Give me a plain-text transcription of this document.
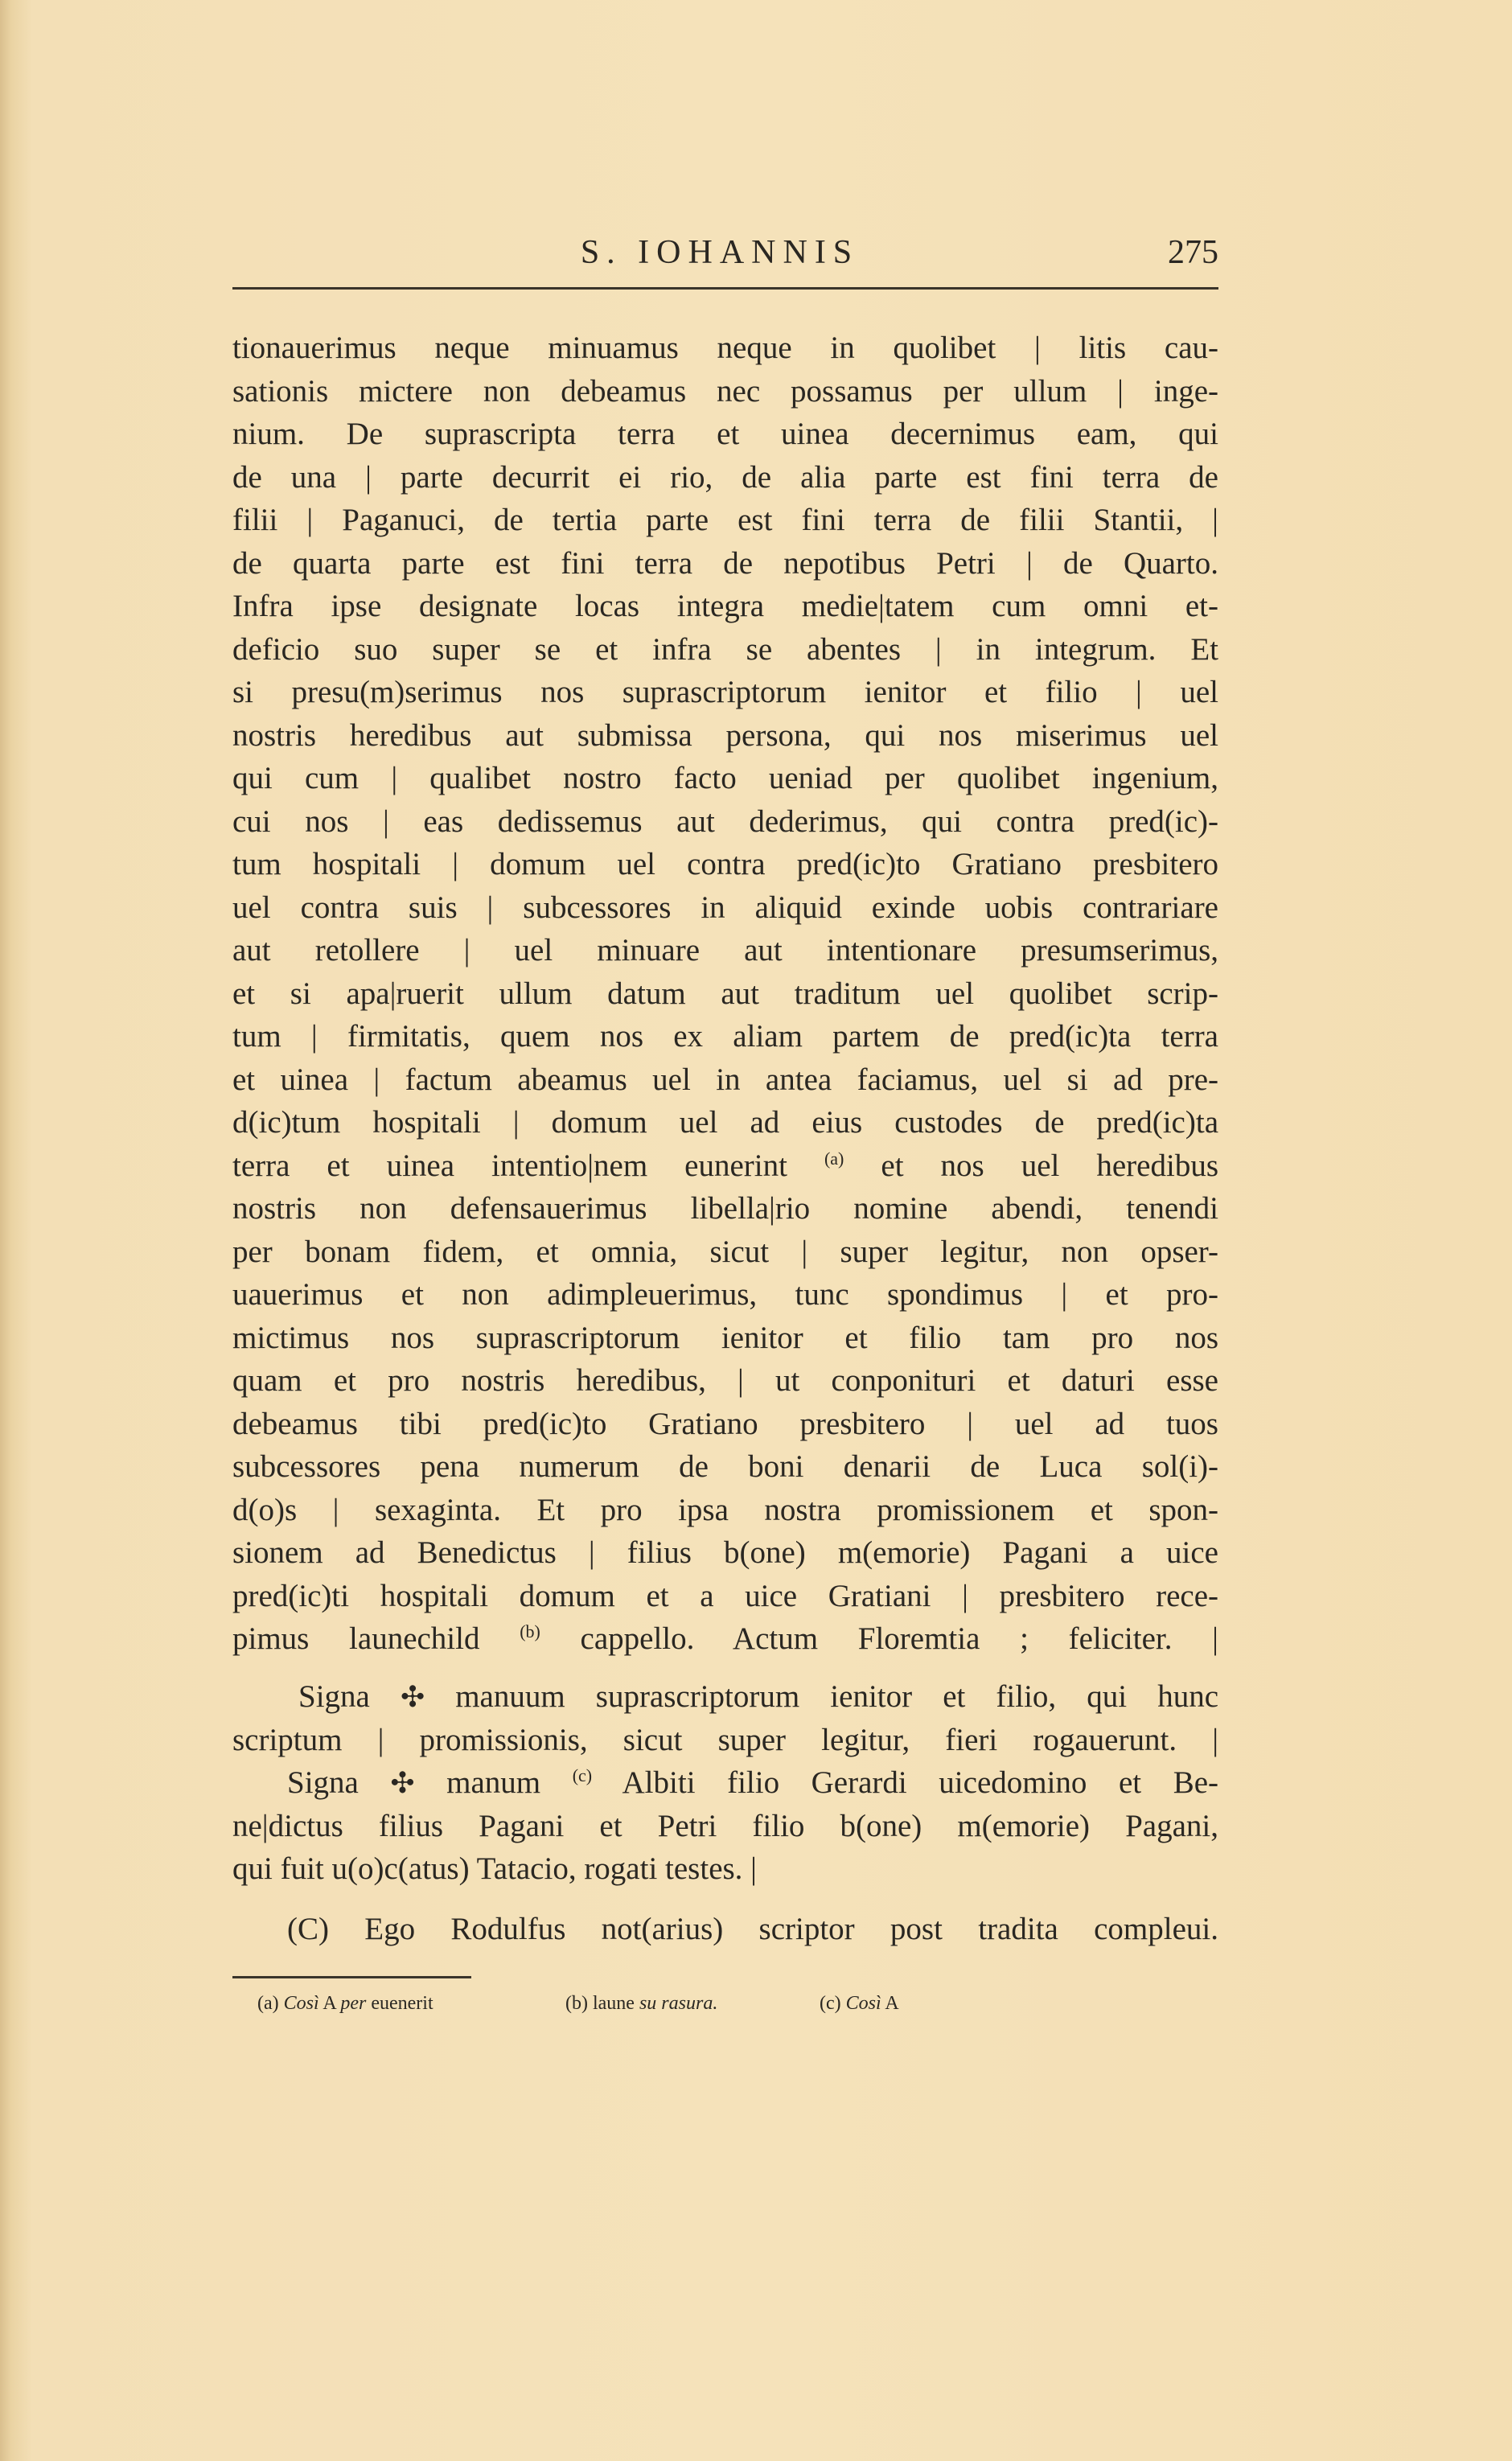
S. IOHANNIS	275
tionauerimus neque minuamus neque in quolibet | litis cau-
sationis mictere non debeamus nec possamus per ullum | inge-
nium. De suprascripta terra et uinea decernimus eam, qui
de una | parte decurrit ei rio, de alia parte est fini terra de
filii | Paganuci, de tertia parte est fini terra de filii Stantii, |
de quarta parte est fini terra de nepotibus Petri | de Quarto.
Infra ipse designate locas integra medie|tatem cum omni et-
deficio suo super se et infra se abentes | in integrum. Et
si presu(m)serimus nos suprascriptorum ienitor et filio | uel
nostris heredibus aut submissa persona, qui nos miserimus uel
qui cum | qualibet nostro facto ueniad per quolibet ingenium,
cui nos | eas dedissemus aut dederimus, qui contra pred(ic)-
tum hospitali | domum uel contra pred(ic)to Gratiano presbitero
uel contra suis | subcessores in aliquid exinde uobis contrariare
aut retollere | uel minuare aut intentionare presumserimus,
et si apa|ruerit ullum datum aut traditum uel quolibet scrip-
tum | firmitatis, quem nos ex aliam partem de pred(ic)ta terra
et uinea | factum abeamus uel in antea faciamus, uel si ad pre-
d(ic)tum hospitali | domum uel ad eius custodes de pred(ic)ta
terra et uinea intentio|nem eunerint $^{(a)}$ et nos uel heredibus
nostris non defensauerimus libella|rio nomine abendi, tenendi
per bonam fidem, et omnia, sicut | super legitur, non opser-
uauerimus et non adimpleuerimus, tunc spondimus | et pro-
mictimus nos suprascriptorum ienitor et filio tam pro nos
quam et pro nostris heredibus, | ut conponituri et daturi esse
debeamus tibi pred(ic)to Gratiano presbitero | uel ad tuos
subcessores pena numerum de boni denarii de Luca sol(i)-
d(o)s | sexaginta. Et pro ipsa nostra promissionem et spon-
sionem ad Benedictus | filius b(one) m(emorie) Pagani a uice
pred(ic)ti hospitali domum et a uice Gratiani | presbitero rece-
pimus launechild $^{(b)}$ cappello. Actum Floremtia ; feliciter. |
Signa ✣ manuum suprascriptorum ienitor et filio, qui hunc
scriptum | promissionis, sicut super legitur, fieri rogauerunt. |
Signa ✣ manum $^{(c)}$ Albiti filio Gerardi uicedomino et Be-
ne|dictus filius Pagani et Petri filio b(one) m(emorie) Pagani,
qui fuit u(o)c(atus) Tatacio, rogati testes. |
(C) Ego Rodulfus not(arius) scriptor post tradita compleui.
(a) Così A per euenerit	(b) laune su rasura.	(c) Così A
